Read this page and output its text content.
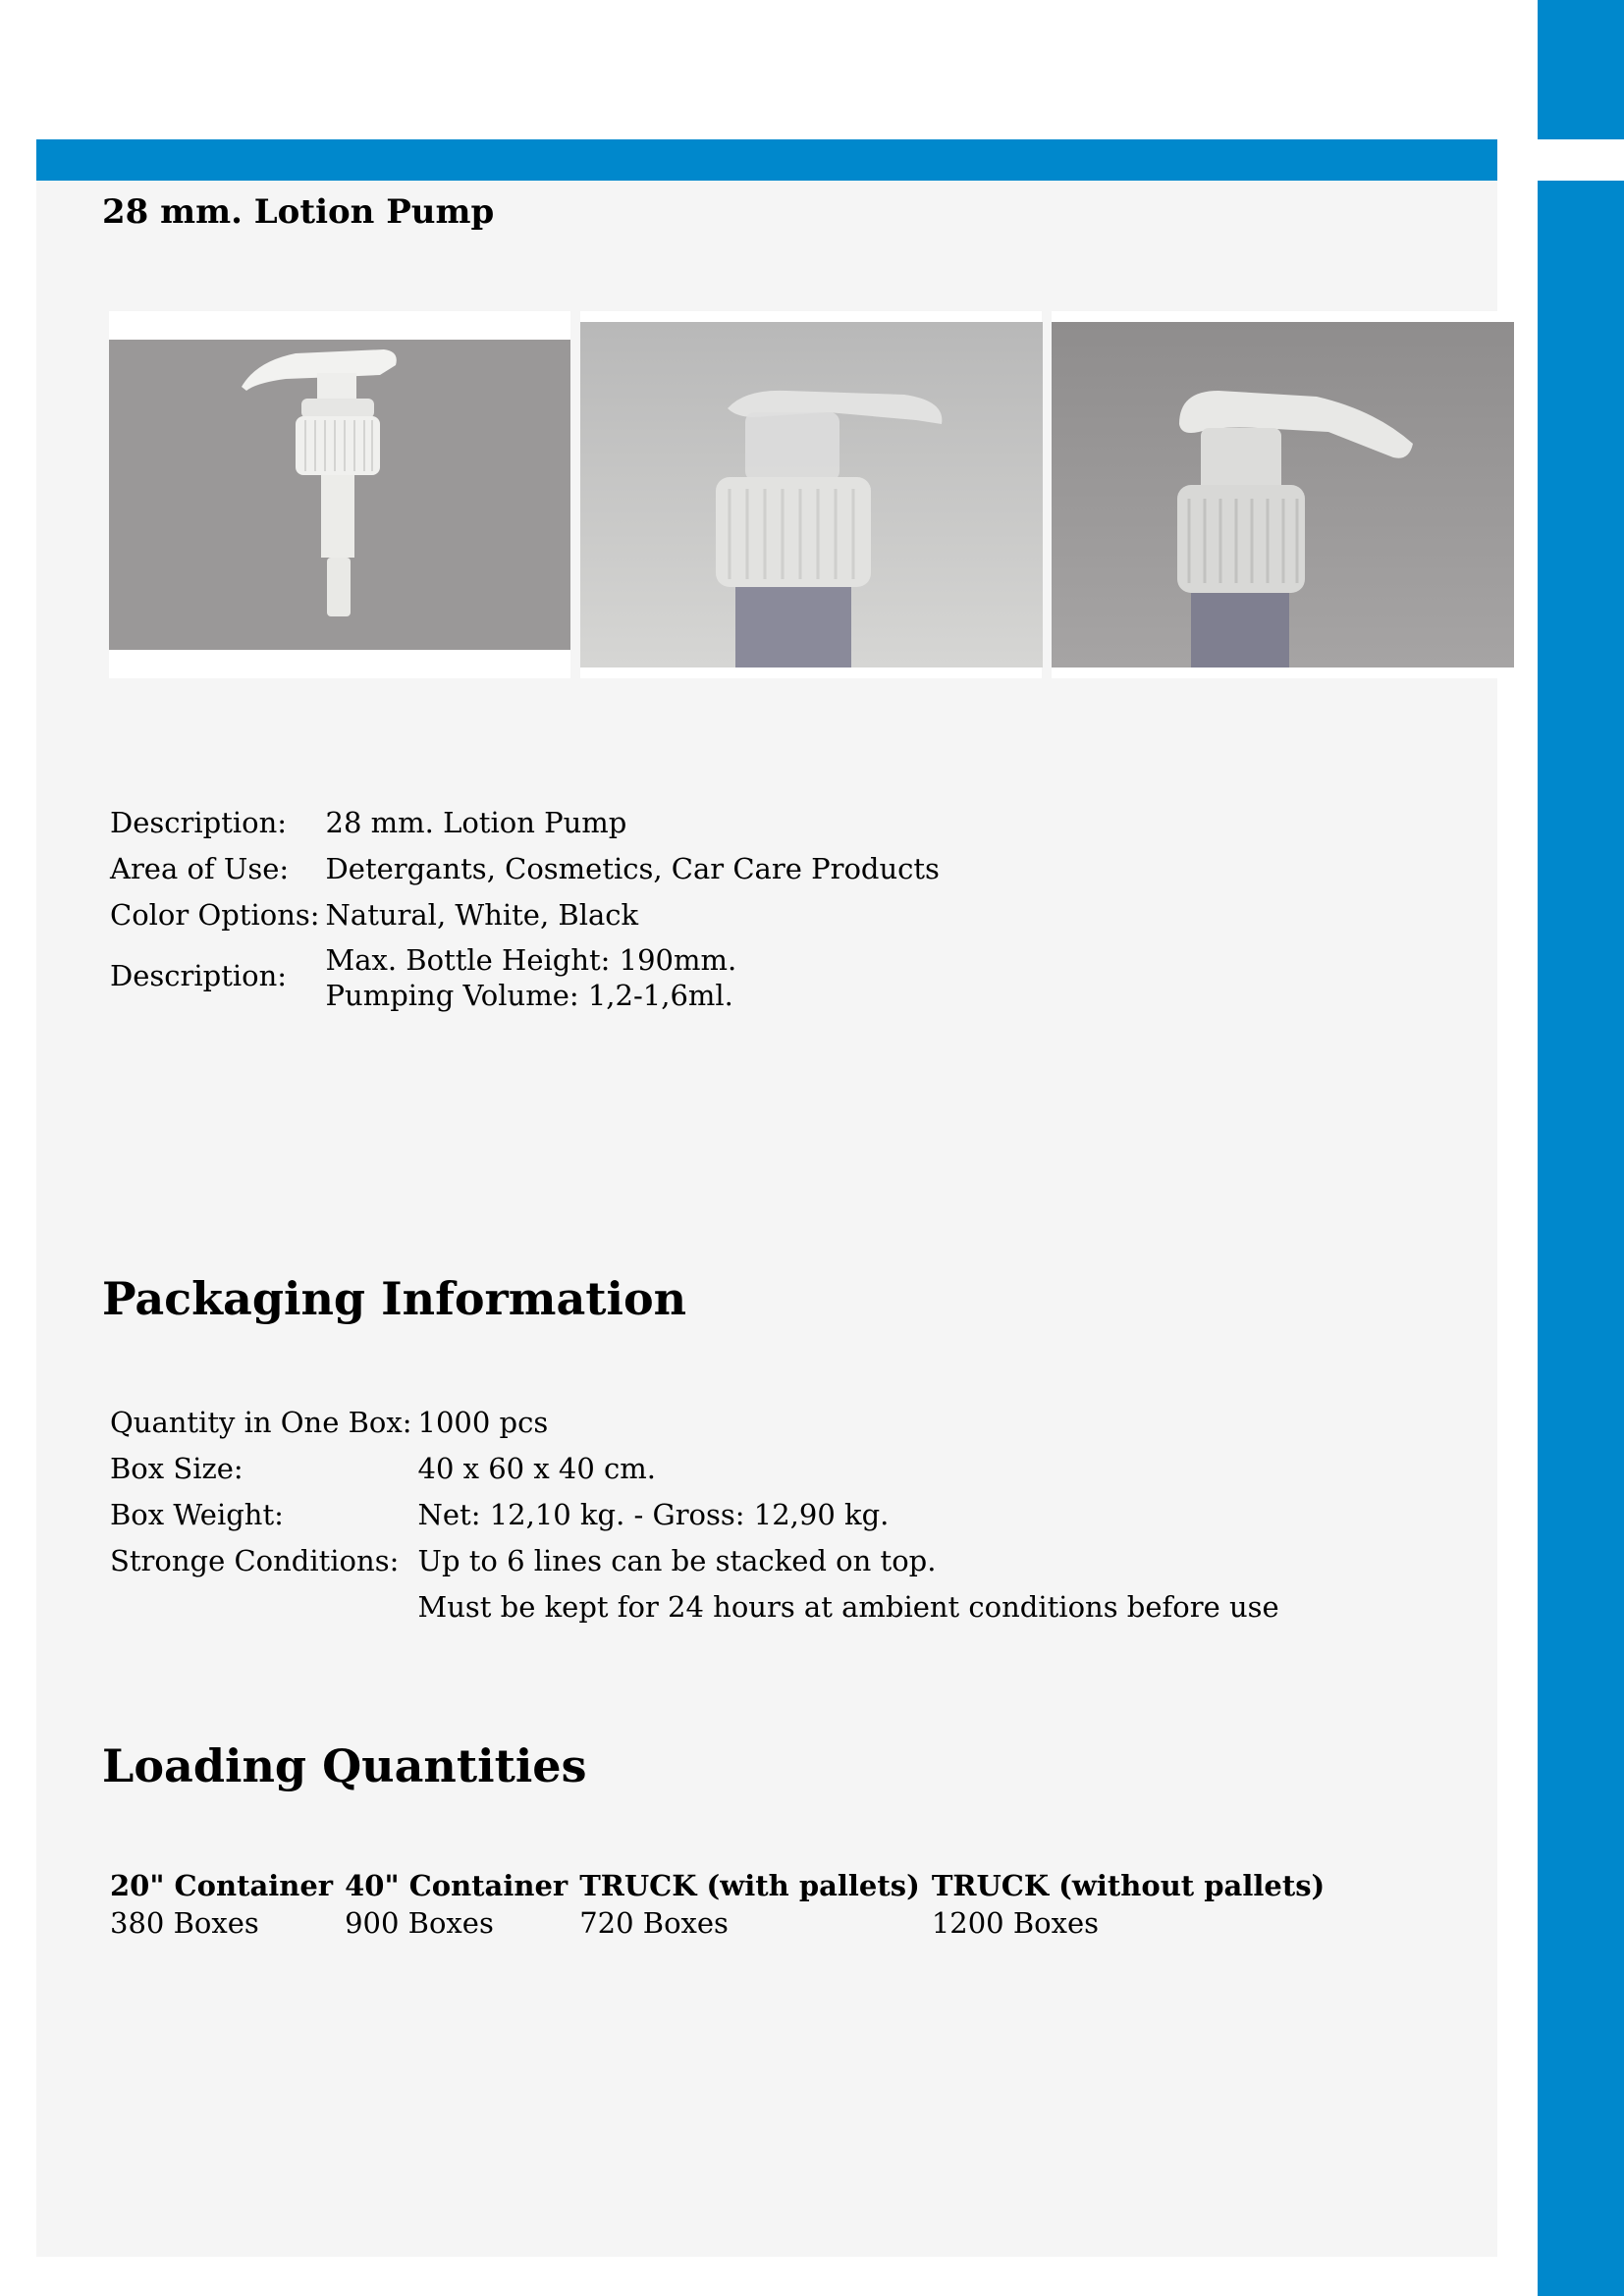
28 mm. Lotion Pump
Description:	28 mm. Lotion Pump
Area of Use:	Detergants, Cosmetics, Car Care Products
Color Options:	Natural, White, Black
Description:	Max. Bottle Height: 190mm.
Pumping Volume: 1,2-1,6ml.
Packaging Information
Quantity in One Box:	1000 pcs
Box Size:	40 x 60 x 40 cm.
Box Weight:	Net: 12,10 kg. - Gross: 12,90 kg.
Stronge Conditions:	Up to 6 lines can be stacked on top.
	Must be kept for 24 hours at ambient conditions before use
Loading Quantities
20" Container	40" Container	TRUCK (with pallets)	TRUCK (without pallets)
380 Boxes	900 Boxes	720 Boxes	1200 Boxes
